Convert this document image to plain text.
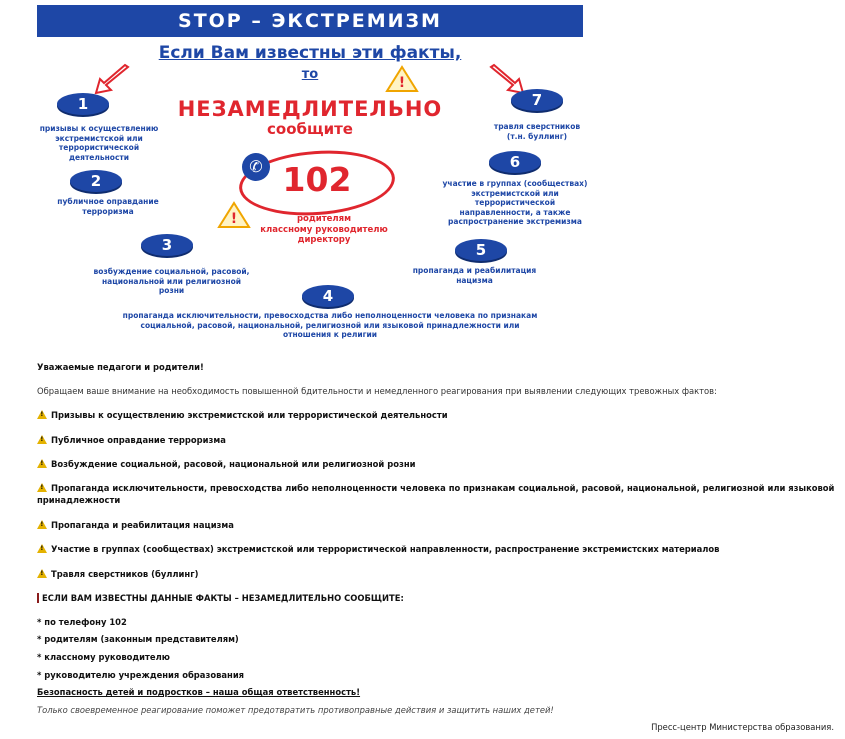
STOP – ЭКСТРЕМИЗМ
Если Вам известны эти факты,
то
НЕЗАМЕДЛИТЕЛЬНО
сообщите
!
!
102
✆
родителям
классному руководителю
директору
1
призывы к осуществлению
экстремистской или
террористической
деятельности
2
публичное оправдание
терроризма
3
возбуждение социальной, расовой,
национальной или религиозной розни	4
пропаганда исключительности, превосходства либо неполноценности человека по признакам
социальной, расовой, национальной, религиозной или языковой принадлежности или
отношения к религии
5
пропаганда и реабилитация
нацизма
6
участие в группах (сообществах)
экстремистской или
террористической
направленности, а также
распространение экстремизма
7
травля сверстников
(т.н. буллинг)
Уважаемые педагоги и родители!
Обращаем ваше внимание на необходимость повышенной бдительности и немедленного реагирования при выявлении следующих тревожных фактов:
!Призывы к осуществлению экстремистской или террористической деятельности
!Публичное оправдание терроризма
!Возбуждение социальной, расовой, национальной или религиозной розни
!Пропаганда исключительности, превосходства либо неполноценности человека по признакам социальной, расовой, национальной, религиозной или языковой
принадлежности
!Пропаганда и реабилитация нацизма
!Участие в группах (сообществах) экстремистской или террористической направленности, распространение экстремистских материалов
!Травля сверстников (буллинг)
ЕСЛИ ВАМ ИЗВЕСТНЫ ДАННЫЕ ФАКТЫ – НЕЗАМЕДЛИТЕЛЬНО СООБЩИТЕ:
* по телефону 102
* родителям (законным представителям)
* классному руководителю
* руководителю учреждения образования
Безопасность детей и подростков – наша общая ответственность!
Только своевременное реагирование поможет предотвратить противоправные действия и защитить наших детей!
Пресс-центр Министерства образования.
